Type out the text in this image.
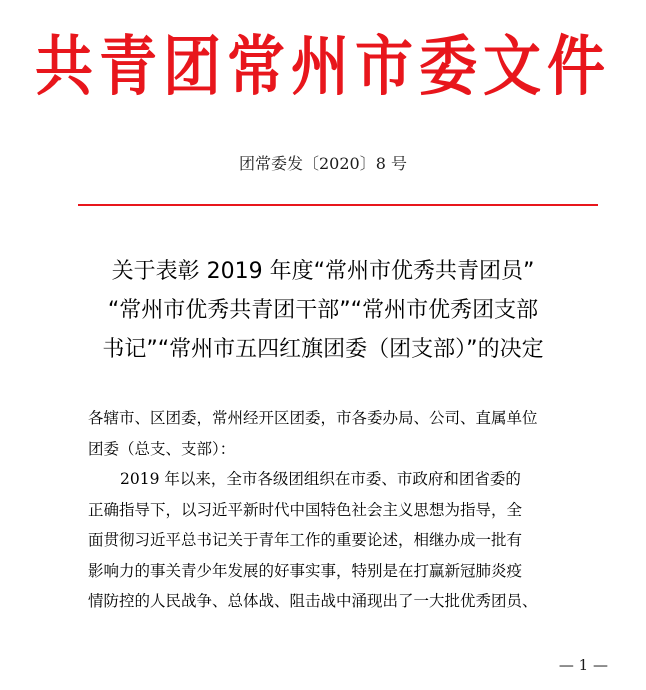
共青团常州市委文件
团常委发〔2020〕8 号
关于表彰 2019 年度“常州市优秀共青团员”
“常州市优秀共青团干部”“常州市优秀团支部
书记”“常州市五四红旗团委（团支部）”的决定
各辖市、区团委，常州经开区团委，市各委办局、公司、直属单位
团委（总支、支部）：
2019 年以来，全市各级团组织在市委、市政府和团省委的
正确指导下，以习近平新时代中国特色社会主义思想为指导，全
面贯彻习近平总书记关于青年工作的重要论述，相继办成一批有
影响力的事关青少年发展的好事实事，特别是在打赢新冠肺炎疫
情防控的人民战争、总体战、阻击战中涌现出了一大批优秀团员、
— 1 —
